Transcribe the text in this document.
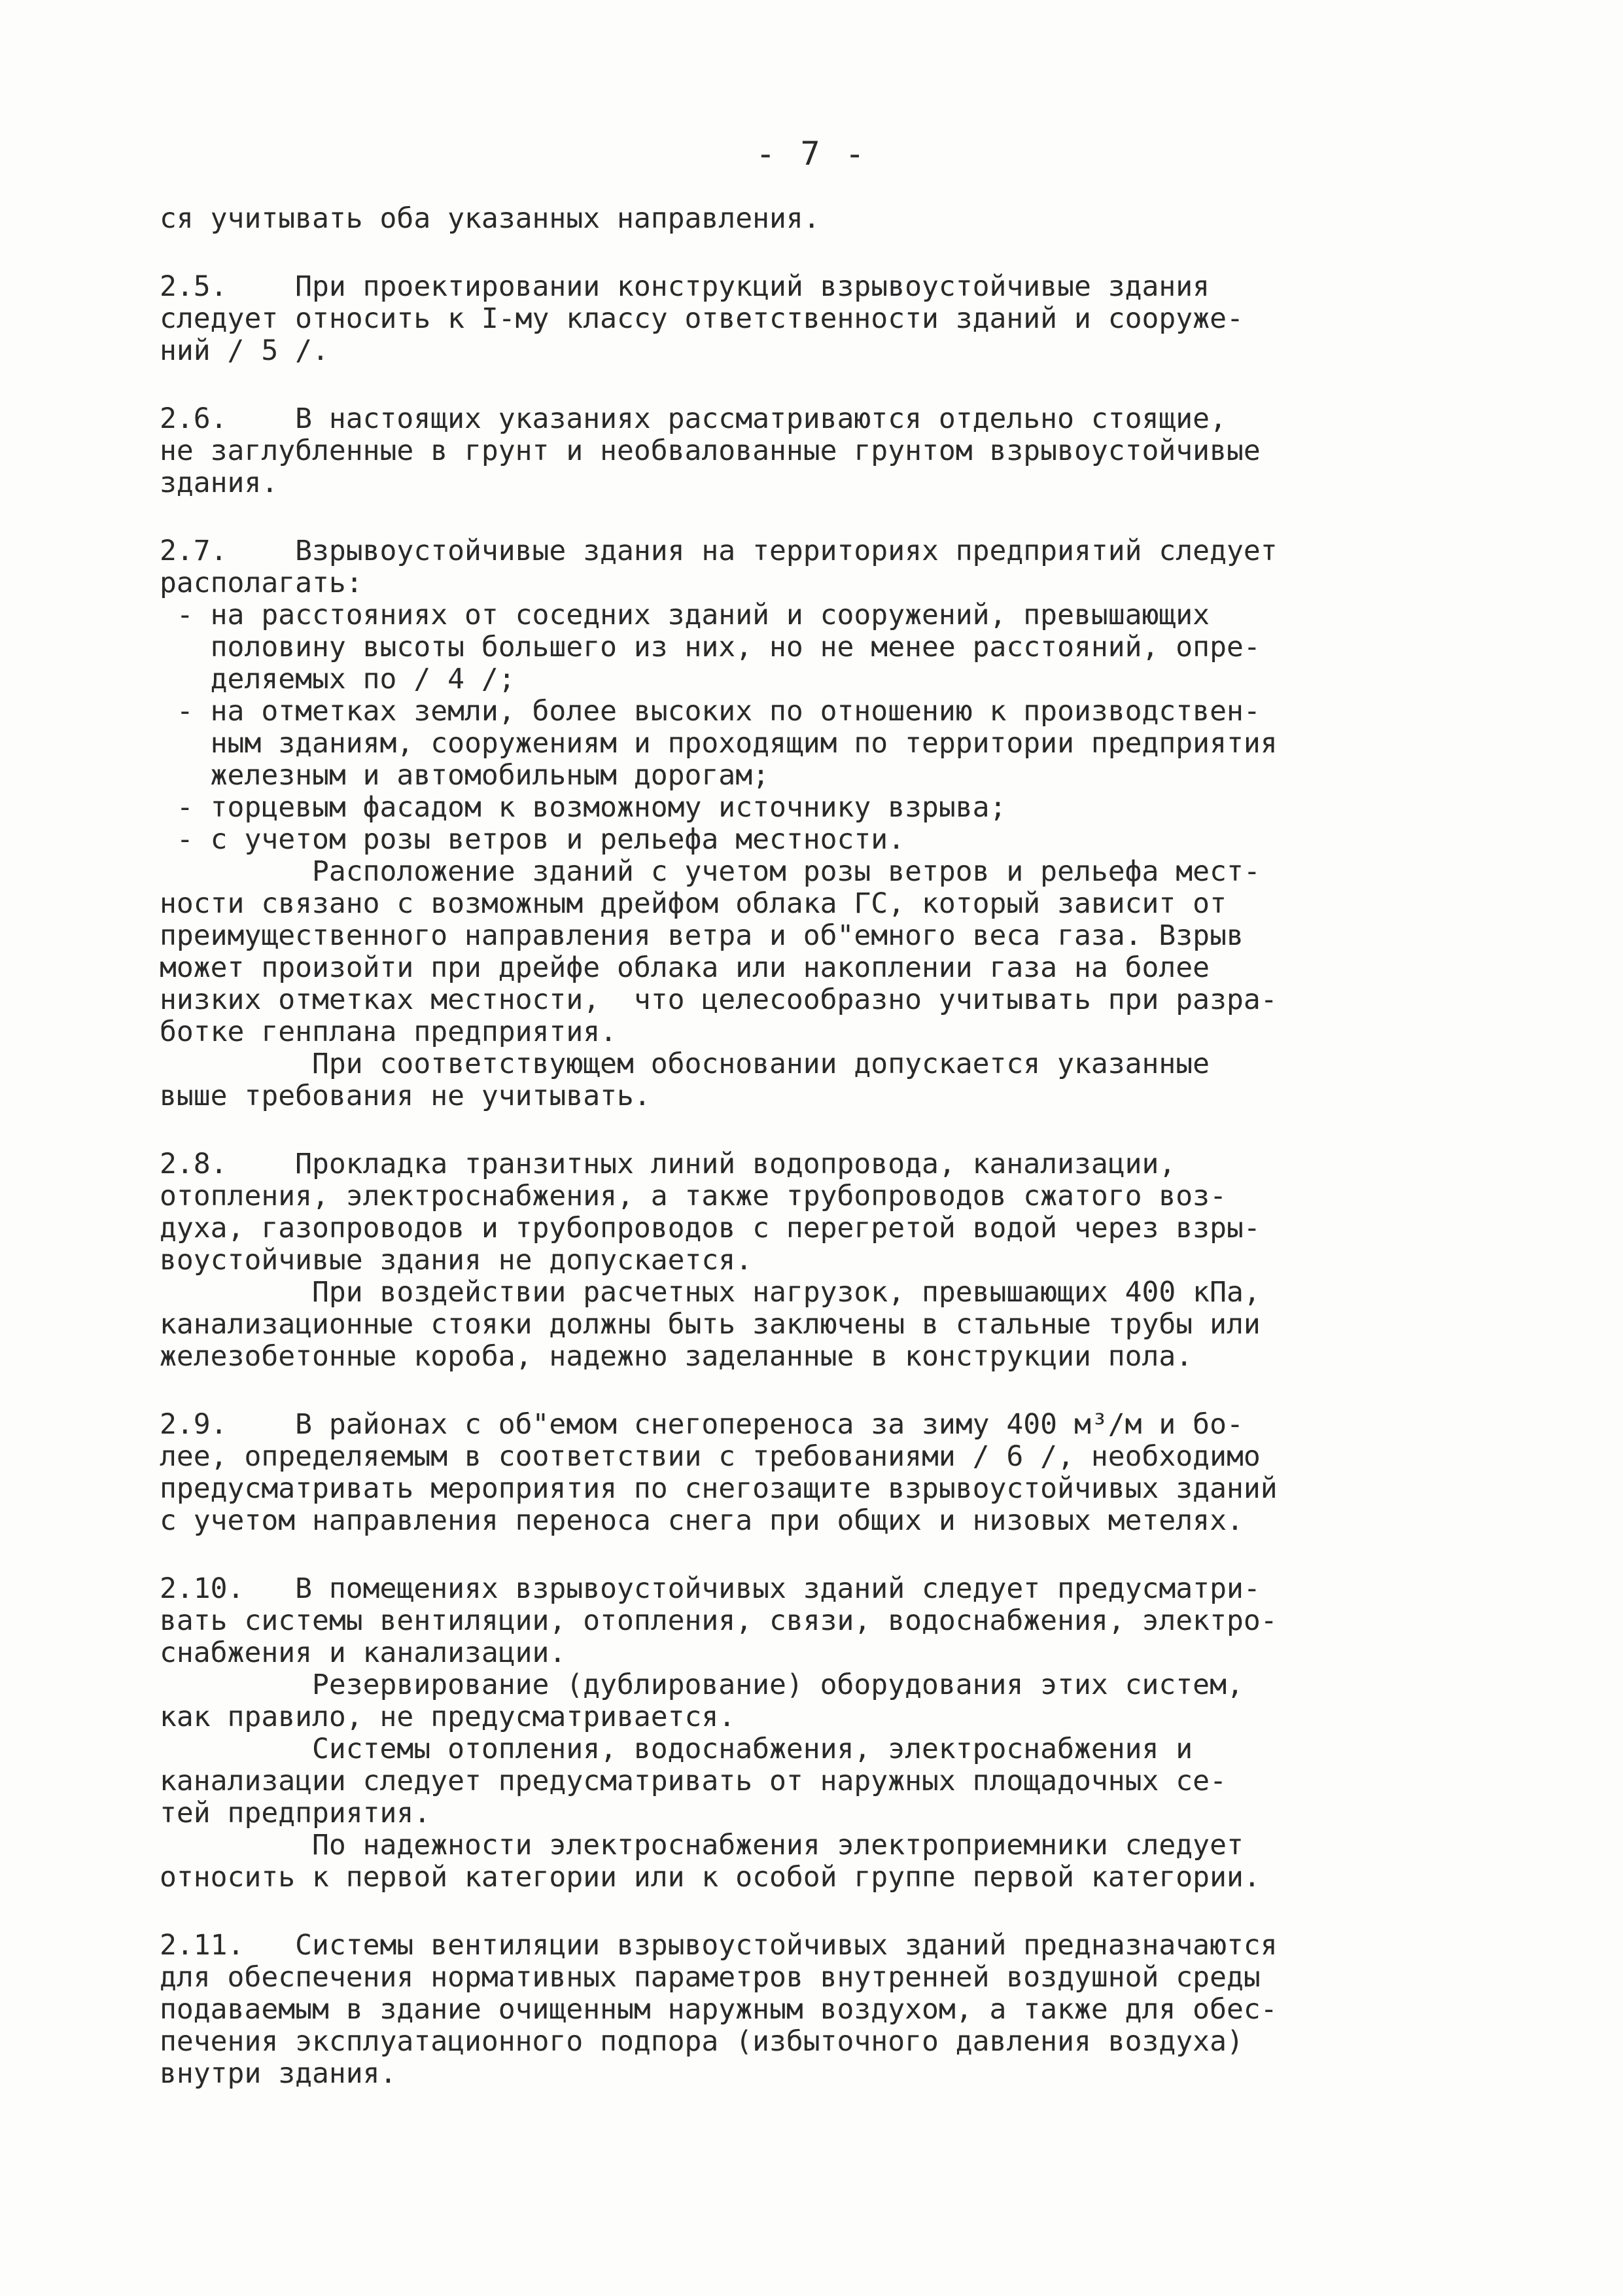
- 7 -
ся учитывать оба указанных направления.
2.5.    При проектировании конструкций взрывоустойчивые здания
следует относить к I-му классу ответственности зданий и сооруже-
ний / 5 /.
2.6.    В настоящих указаниях рассматриваются отдельно стоящие,
не заглубленные в грунт и необвалованные грунтом взрывоустойчивые
здания.
2.7.    Взрывоустойчивые здания на территориях предприятий следует
располагать:
- на расстояниях от соседних зданий и сооружений, превышающих
половину высоты большего из них, но не менее расстояний, опре-
деляемых по / 4 /;
- на отметках земли, более высоких по отношению к производствен-
ным зданиям, сооружениям и проходящим по территории предприятия
железным и автомобильным дорогам;
- торцевым фасадом к возможному источнику взрыва;
- с учетом розы ветров и рельефа местности.
Расположение зданий с учетом розы ветров и рельефа мест-
ности связано с возможным дрейфом облака ГС, который зависит от
преимущественного направления ветра и об"емного веса газа. Взрыв
может произойти при дрейфе облака или накоплении газа на более
низких отметках местности,  что целесообразно учитывать при разра-
ботке генплана предприятия.
При соответствующем обосновании допускается указанные
выше требования не учитывать.
2.8.    Прокладка транзитных линий водопровода, канализации,
отопления, электроснабжения, а также трубопроводов сжатого воз-
духа, газопроводов и трубопроводов с перегретой водой через взры-
воустойчивые здания не допускается.
При воздействии расчетных нагрузок, превышающих 400 кПа,
канализационные стояки должны быть заключены в стальные трубы или
железобетонные короба, надежно заделанные в конструкции пола.
2.9.    В районах с об"емом снегопереноса за зиму 400 м³/м и бо-
лее, определяемым в соответствии с требованиями / 6 /, необходимо
предусматривать мероприятия по снегозащите взрывоустойчивых зданий
с учетом направления переноса снега при общих и низовых метелях.
2.10.   В помещениях взрывоустойчивых зданий следует предусматри-
вать системы вентиляции, отопления, связи, водоснабжения, электро-
снабжения и канализации.
Резервирование (дублирование) оборудования этих систем,
как правило, не предусматривается.
Системы отопления, водоснабжения, электроснабжения и
канализации следует предусматривать от наружных площадочных се-
тей предприятия.
По надежности электроснабжения электроприемники следует
относить к первой категории или к особой группе первой категории.
2.11.   Системы вентиляции взрывоустойчивых зданий предназначаются
для обеспечения нормативных параметров внутренней воздушной среды
подаваемым в здание очищенным наружным воздухом, а также для обес-
печения эксплуатационного подпора (избыточного давления воздуха)
внутри здания.
